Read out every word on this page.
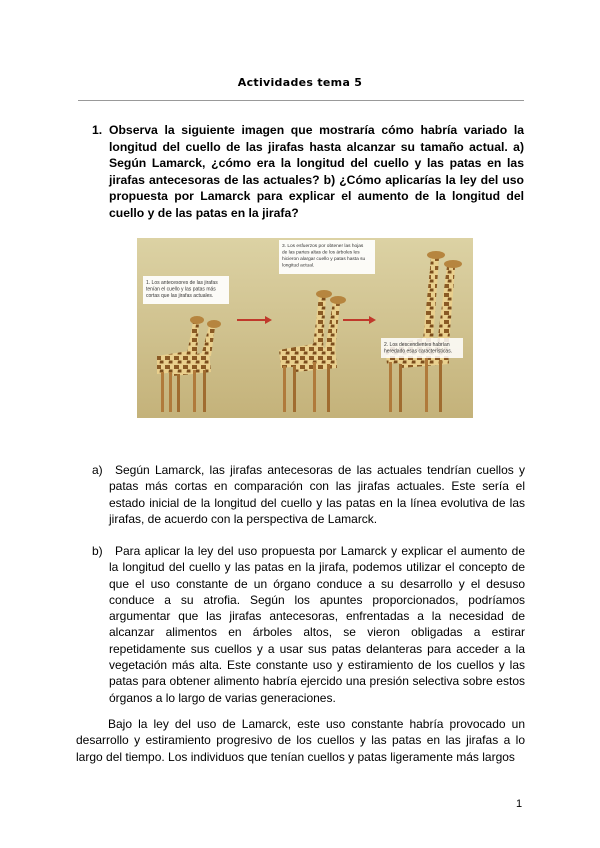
Actividades tema 5
1. Observa la siguiente imagen que mostraría cómo habría variado la longitud del cuello de las jirafas hasta alcanzar su tamaño actual. a) Según Lamarck, ¿cómo era la longitud del cuello y las patas en las jirafas antecesoras de las actuales? b) ¿Cómo aplicarías la ley del uso propuesta por Lamarck para explicar el aumento de la longitud del cuello y de las patas en la jirafa?
1. Los antecesores de las jirafas tenían el cuello y las patas más cortas que las jirafas actuales.
3. Los esfuerzos por obtener las hojas de las partes altas de los árboles les hicieron alargar cuello y patas hasta su longitud actual.
2. Los descendientes habrían heredado esas características.
a)	Según Lamarck, las jirafas antecesoras de las actuales tendrían cuellos y patas más cortas en comparación con las jirafas actuales. Este sería el estado inicial de la longitud del cuello y las patas en la línea evolutiva de las jirafas, de acuerdo con la perspectiva de Lamarck.
b)	Para aplicar la ley del uso propuesta por Lamarck y explicar el aumento de la longitud del cuello y las patas en la jirafa, podemos utilizar el concepto de que el uso constante de un órgano conduce a su desarrollo y el desuso conduce a su atrofia. Según los apuntes proporcionados, podríamos argumentar que las jirafas antecesoras, enfrentadas a la necesidad de alcanzar alimentos en árboles altos, se vieron obligadas a estirar repetidamente sus cuellos y a usar sus patas delanteras para acceder a la vegetación más alta. Este constante uso y estiramiento de los cuellos y las patas para obtener alimento habría ejercido una presión selectiva sobre estos órganos a lo largo de varias generaciones.
Bajo la ley del uso de Lamarck, este uso constante habría provocado un desarrollo y estiramiento progresivo de los cuellos y las patas en las jirafas a lo largo del tiempo. Los individuos que tenían cuellos y patas ligeramente más largos
1
